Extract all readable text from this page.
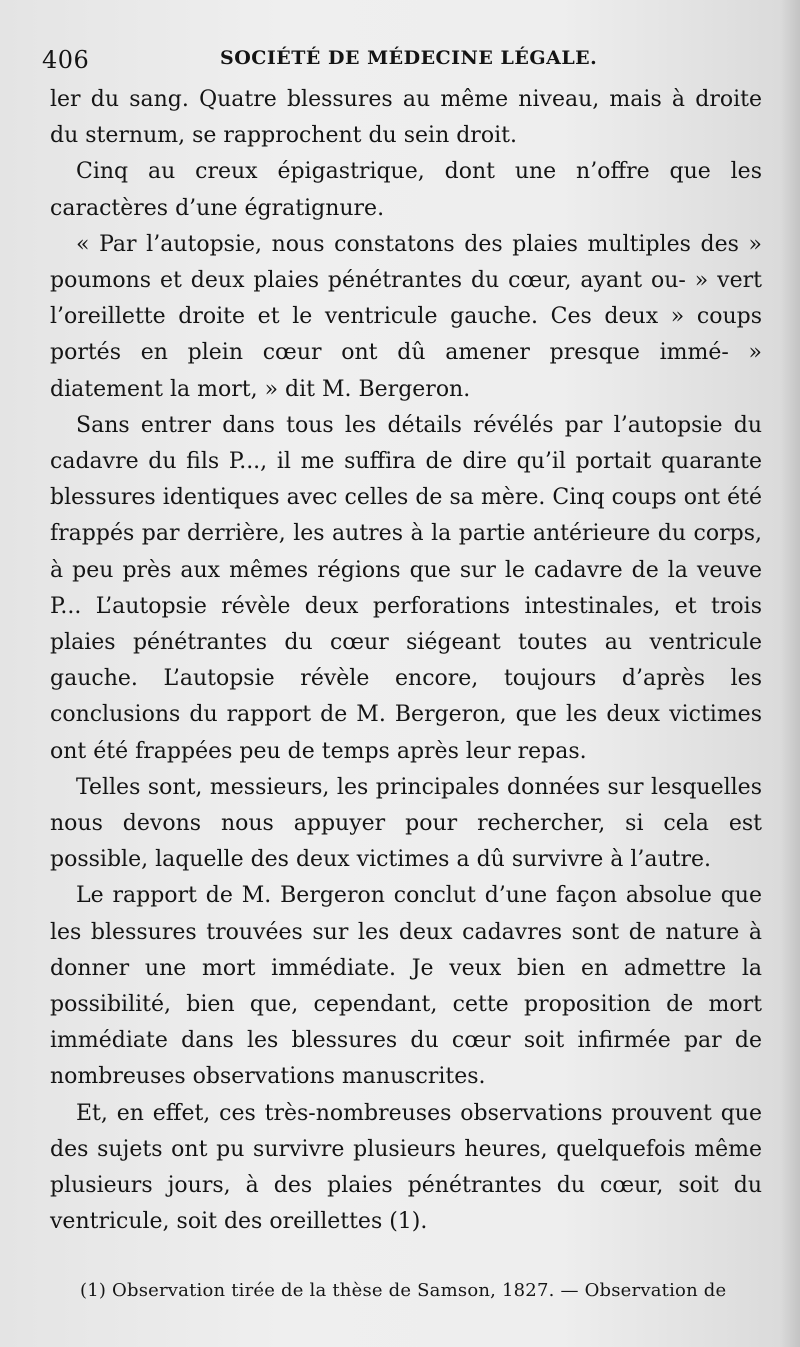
406	SOCIÉTÉ DE MÉDECINE LÉGALE.

ler du sang. Quatre blessures au même niveau, mais à droite du sternum, se rapprochent du sein droit.

Cinq au creux épigastrique, dont une n’offre que les caractères d’une égratignure.

« Par l’autopsie, nous constatons des plaies multiples des » poumons et deux plaies pénétrantes du cœur, ayant ou- » vert l’oreillette droite et le ventricule gauche. Ces deux » coups portés en plein cœur ont dû amener presque immé- » diatement la mort, » dit M. Bergeron.

Sans entrer dans tous les détails révélés par l’autopsie du cadavre du fils P..., il me suffira de dire qu’il portait quarante blessures identiques avec celles de sa mère. Cinq coups ont été frappés par derrière, les autres à la partie antérieure du corps, à peu près aux mêmes régions que sur le cadavre de la veuve P... L’autopsie révèle deux perforations intestinales, et trois plaies pénétrantes du cœur siégeant toutes au ventricule gauche. L’autopsie révèle encore, toujours d’après les conclusions du rapport de M. Bergeron, que les deux victimes ont été frappées peu de temps après leur repas.

Telles sont, messieurs, les principales données sur lesquelles nous devons nous appuyer pour rechercher, si cela est possible, laquelle des deux victimes a dû survivre à l’autre.

Le rapport de M. Bergeron conclut d’une façon absolue que les blessures trouvées sur les deux cadavres sont de nature à donner une mort immédiate. Je veux bien en admettre la possibilité, bien que, cependant, cette proposition de mort immédiate dans les blessures du cœur soit infirmée par de nombreuses observations manuscrites.

Et, en effet, ces très-nombreuses observations prouvent que des sujets ont pu survivre plusieurs heures, quelquefois même plusieurs jours, à des plaies pénétrantes du cœur, soit du ventricule, soit des oreillettes (1).

(1) Observation tirée de la thèse de Samson, 1827. — Observation de
